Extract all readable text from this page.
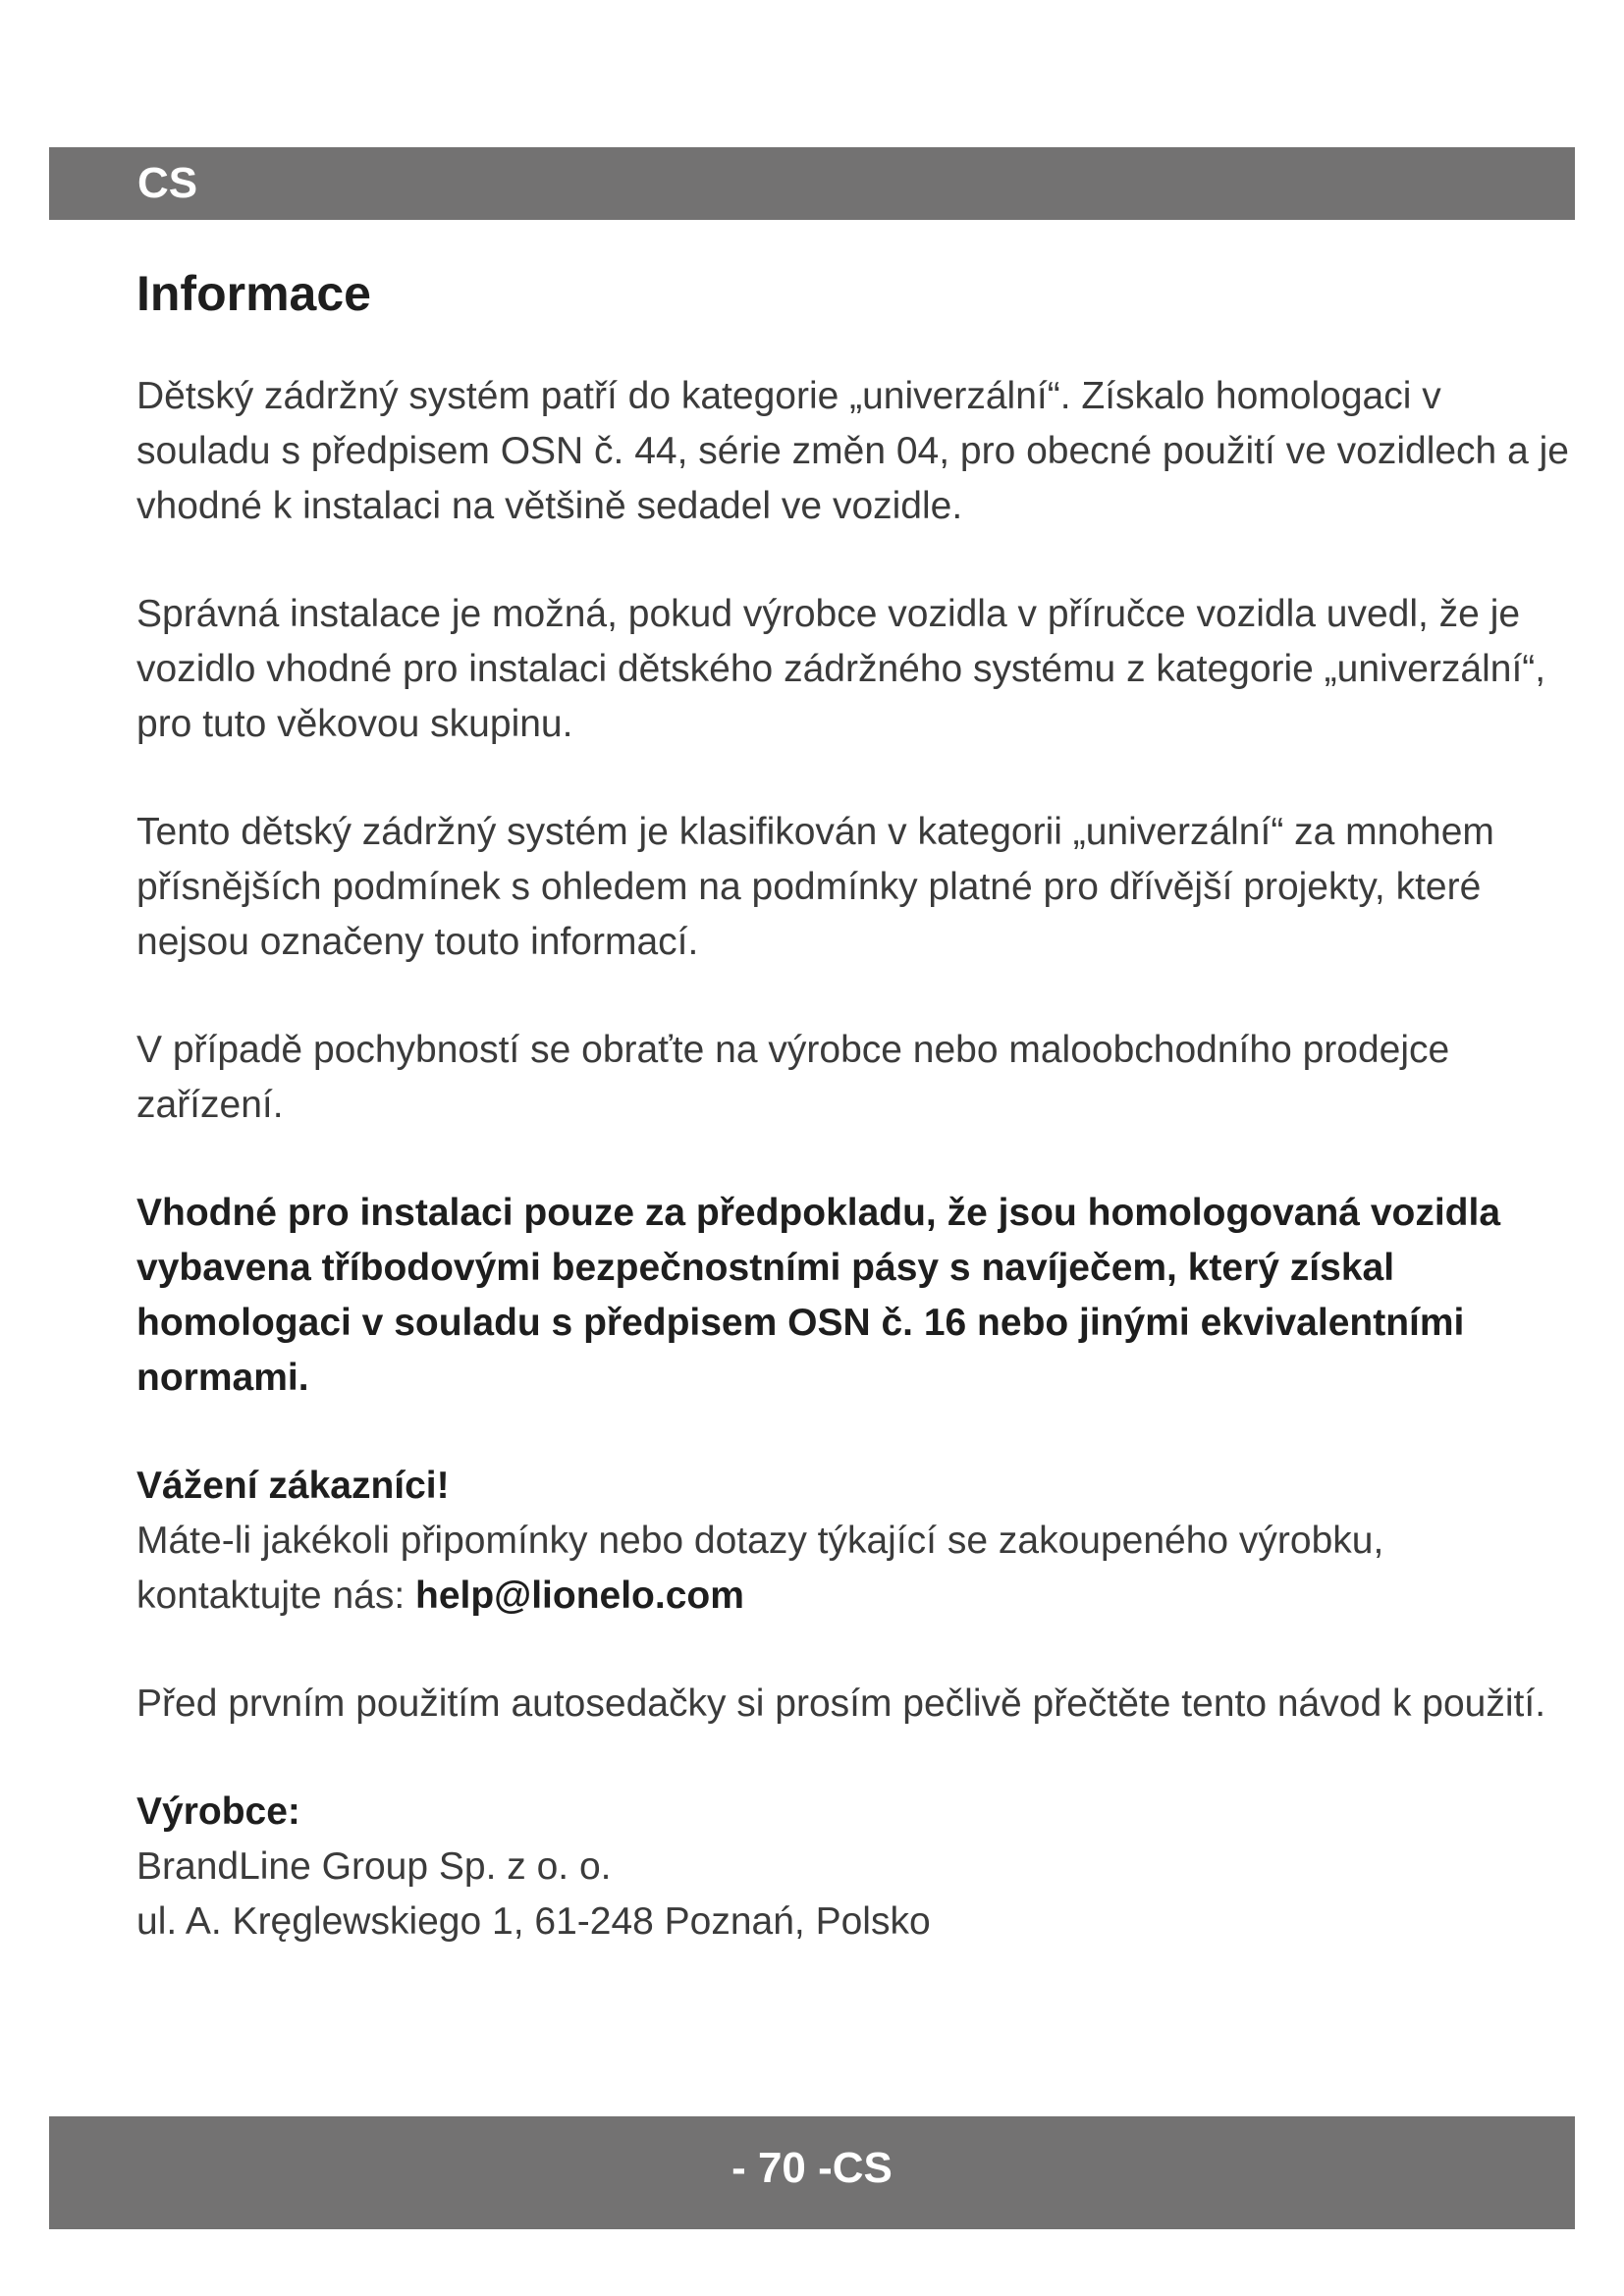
CS
Informace

Dětský zádržný systém patří do kategorie „univerzální“. Získalo homologaci v souladu s předpisem OSN č. 44, série změn 04, pro obecné použití ve vozidlech a je vhodné k instalaci na většině sedadel ve vozidle.

Správná instalace je možná, pokud výrobce vozidla v příručce vozidla uvedl, že je vozidlo vhodné pro instalaci dětského zádržného systému z kategorie „univerzální“, pro tuto věkovou skupinu.

Tento dětský zádržný systém je klasifikován v kategorii „univerzální“ za mnohem přísnějších podmínek s ohledem na podmínky platné pro dřívější projekty, které nejsou označeny touto informací.

V případě pochybností se obraťte na výrobce nebo maloobchodního prodejce zařízení.

Vhodné pro instalaci pouze za předpokladu, že jsou homologovaná vozidla vybavena tříbodovými bezpečnostními pásy s navíječem, který získal homologaci v souladu s předpisem OSN č. 16 nebo jinými ekvivalentními normami.

Vážení zákazníci!

Máte-li jakékoli připomínky nebo dotazy týkající se zakoupeného výrobku, kontaktujte nás: help@lionelo.com

Před prvním použitím autosedačky si prosím pečlivě přečtěte tento návod k použití.

Výrobce:

BrandLine Group Sp. z o. o.

ul. A. Kręglewskiego 1, 61-248 Poznań, Polsko

- 70 -CS
